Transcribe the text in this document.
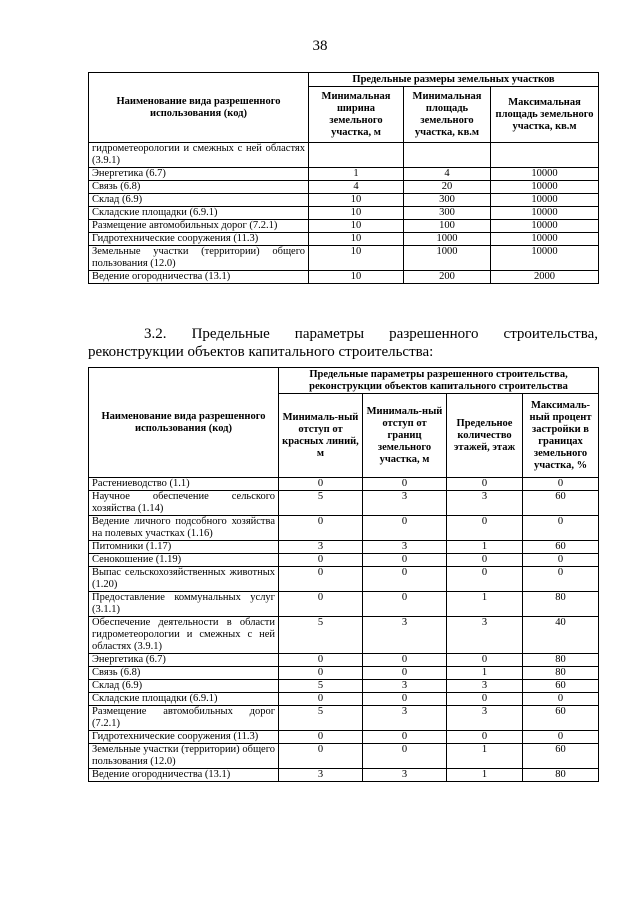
38
Наименование вида разрешенного использования (код)	Предельные размеры земельных участков		
	Минимальная ширина земельного участка, м	Минимальная площадь земельного участка, кв.м	Максимальная площадь земельного участка, кв.м
гидрометеорологии и смежных с ней областях (3.9.1)			
Энергетика (6.7)	1	4	10000
Связь (6.8)	4	20	10000
Склад (6.9)	10	300	10000
Складские площадки (6.9.1)	10	300	10000
Размещение автомобильных дорог (7.2.1)	10	100	10000
Гидротехнические сооружения (11.3)	10	1000	10000
Земельные участки (территории) общего пользования (12.0)	10	1000	10000
Ведение огородничества (13.1)	10	200	2000
3.2. Предельные параметры разрешенного строительства,
реконструкции объектов капитального строительства:
Наименование вида разрешенного использования (код)	Предельные параметры разрешенного строительства, реконструкции объектов капитального строительства			
	Минималь-ный отступ от красных линий, м	Минималь-ный отступ от границ земельного участка, м	Предельное количество этажей, этаж	Максималь-ный процент застройки в границах земельного участка, %
Растениеводство (1.1)	0	0	0	0
Научное обеспечение сельского хозяйства (1.14)	5	3	3	60
Ведение личного подсобного хозяйства на полевых участках (1.16)	0	0	0	0
Питомники (1.17)	3	3	1	60
Сенокошение (1.19)	0	0	0	0
Выпас сельскохозяйственных животных (1.20)	0	0	0	0
Предоставление коммунальных услуг (3.1.1)	0	0	1	80
Обеспечение деятельности в области гидрометеорологии и смежных с ней областях (3.9.1)	5	3	3	40
Энергетика (6.7)	0	0	0	80
Связь (6.8)	0	0	1	80
Склад (6.9)	5	3	3	60
Складские площадки (6.9.1)	0	0	0	0
Размещение автомобильных дорог (7.2.1)	5	3	3	60
Гидротехнические сооружения (11.3)	0	0	0	0
Земельные участки (территории) общего пользования (12.0)	0	0	1	60
Ведение огородничества (13.1)	3	3	1	80
